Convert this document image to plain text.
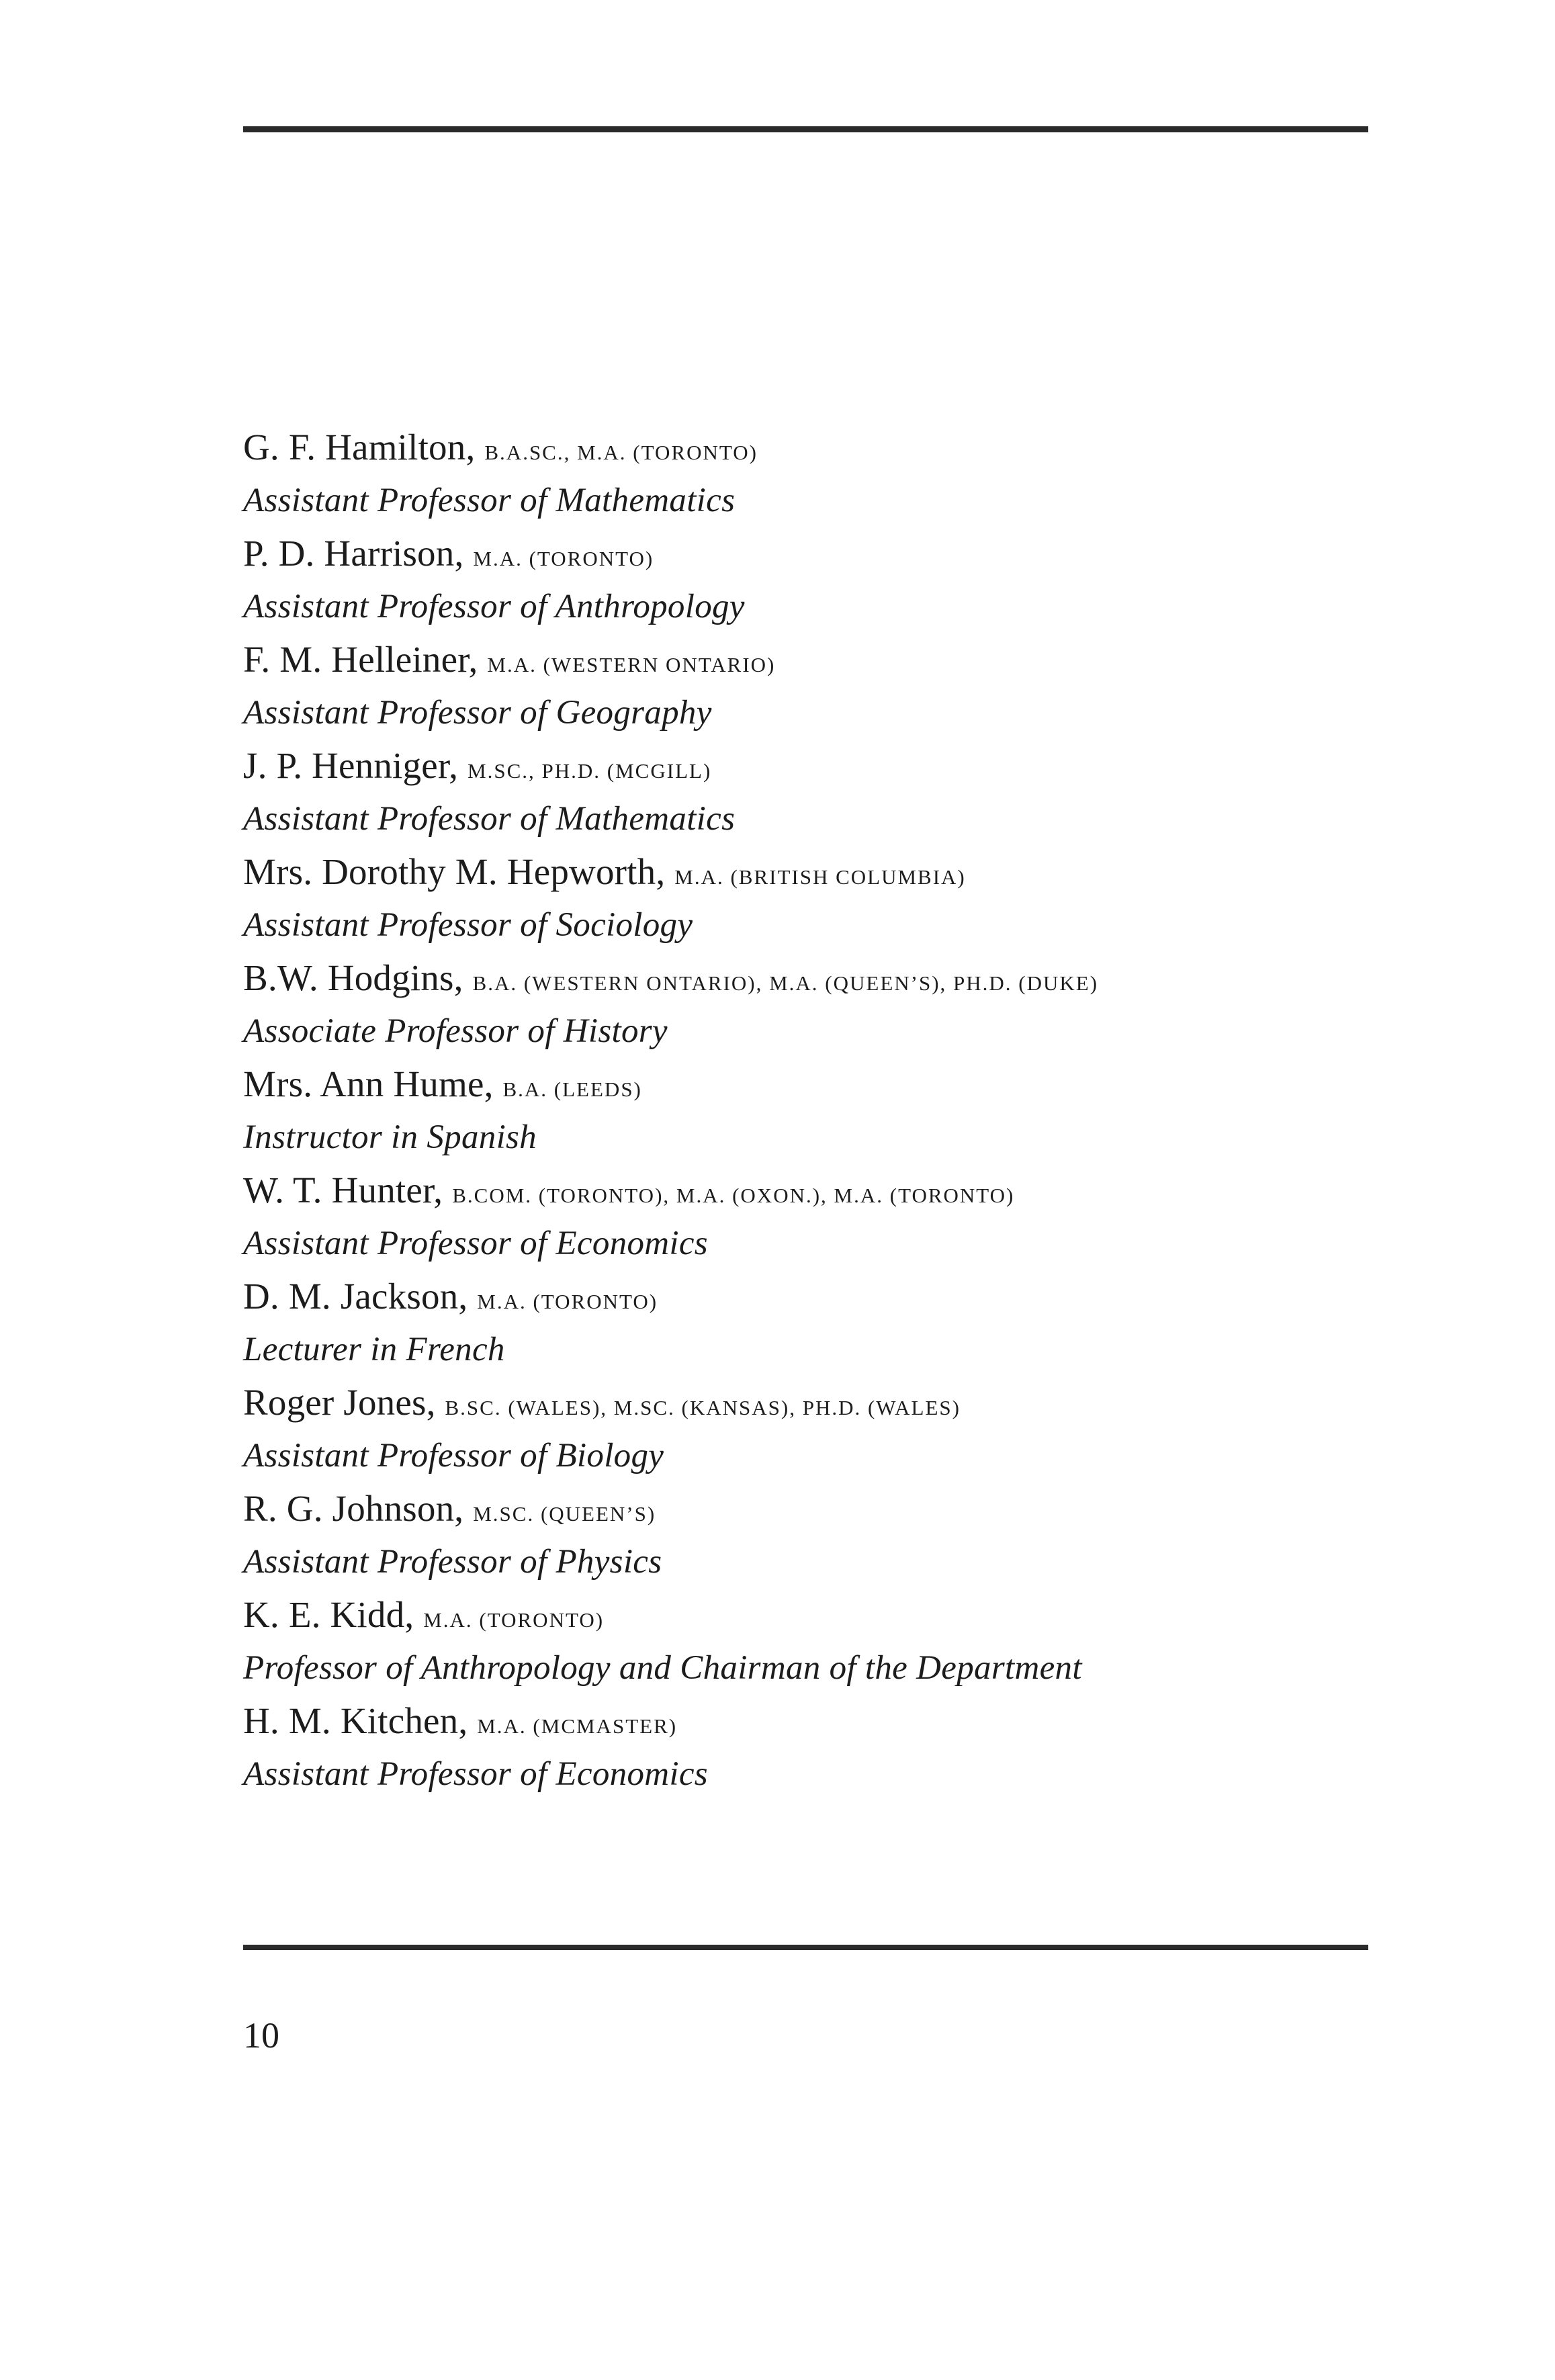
G. F. Hamilton, B.A.SC., M.A. (TORONTO)
Assistant Professor of Mathematics
P. D. Harrison, M.A. (TORONTO)
Assistant Professor of Anthropology
F. M. Helleiner, M.A. (WESTERN ONTARIO)
Assistant Professor of Geography
J. P. Henniger, M.SC., PH.D. (MCGILL)
Assistant Professor of Mathematics
Mrs. Dorothy M. Hepworth, M.A. (BRITISH COLUMBIA)
Assistant Professor of Sociology
B.W. Hodgins, B.A. (WESTERN ONTARIO), M.A. (QUEEN’S), PH.D. (DUKE)
Associate Professor of History
Mrs. Ann Hume, B.A. (LEEDS)
Instructor in Spanish
W. T. Hunter, B.COM. (TORONTO), M.A. (OXON.), M.A. (TORONTO)
Assistant Professor of Economics
D. M. Jackson, M.A. (TORONTO)
Lecturer in French
Roger Jones, B.SC. (WALES), M.SC. (KANSAS), PH.D. (WALES)
Assistant Professor of Biology
R. G. Johnson, M.SC. (QUEEN’S)
Assistant Professor of Physics
K. E. Kidd, M.A. (TORONTO)
Professor of Anthropology and Chairman of the Department
H. M. Kitchen, M.A. (MCMASTER)
Assistant Professor of Economics
10
